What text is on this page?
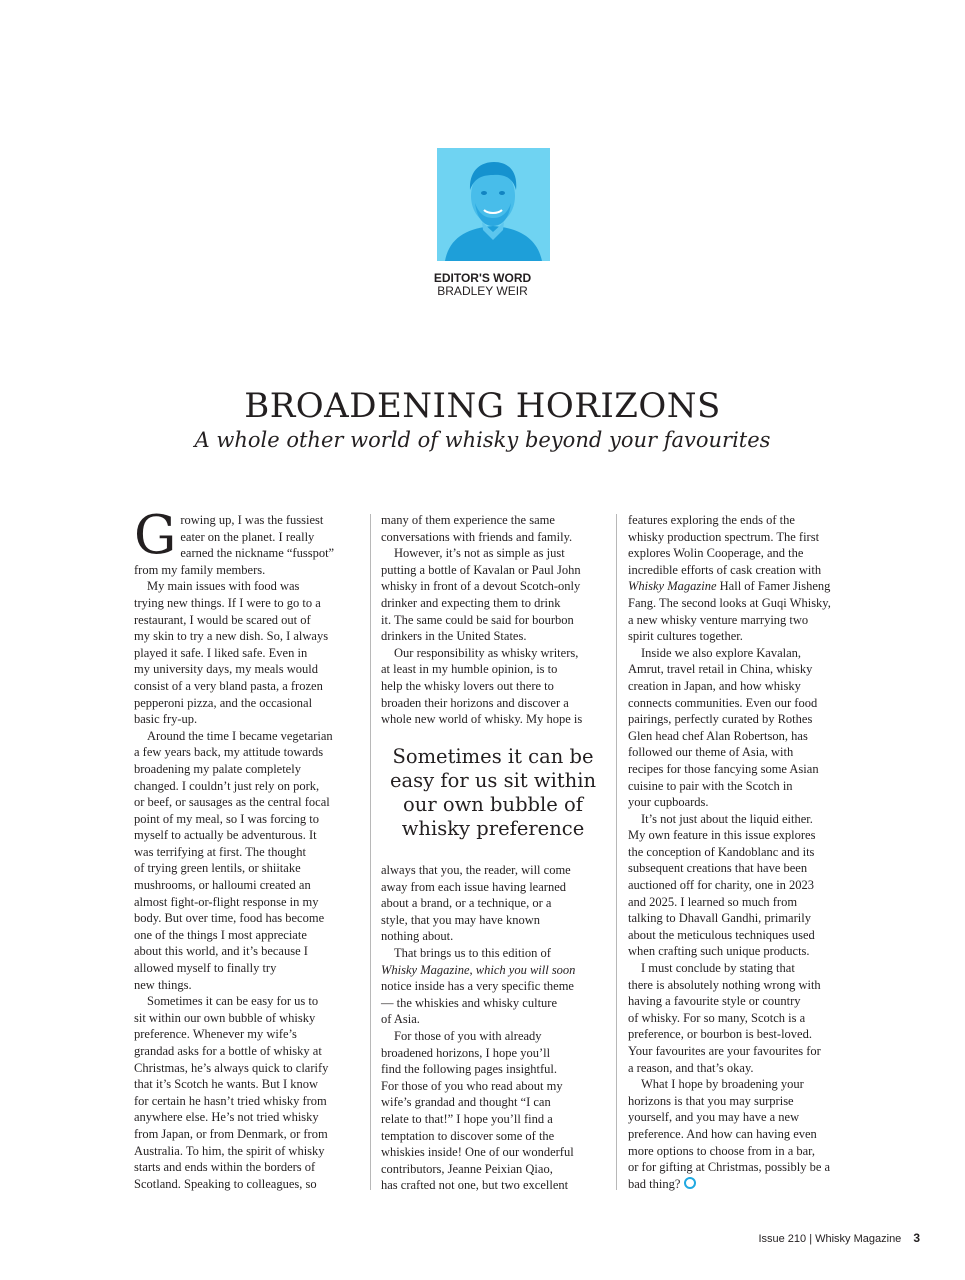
EDITOR'S WORD
BRADLEY WEIR
BROADENING HORIZONS
A whole other world of whisky beyond your favourites
G rowing up, I was the fussiest
eater on the planet. I really
earned the nickname “fusspot”
from my family members.

My main issues with food was
trying new things. If I were to go to a
restaurant, I would be scared out of
my skin to try a new dish. So, I always
played it safe. I liked safe. Even in
my university days, my meals would
consist of a very bland pasta, a frozen
pepperoni pizza, and the occasional
basic fry-up.

Around the time I became vegetarian
a few years back, my attitude towards
broadening my palate completely
changed. I couldn’t just rely on pork,
or beef, or sausages as the central focal
point of my meal, so I was forcing to
myself to actually be adventurous. It
was terrifying at first. The thought
of trying green lentils, or shiitake
mushrooms, or halloumi created an
almost fight-or-flight response in my
body. But over time, food has become
one of the things I most appreciate
about this world, and it’s because I
allowed myself to finally try
new things.

Sometimes it can be easy for us to
sit within our own bubble of whisky
preference. Whenever my wife’s
grandad asks for a bottle of whisky at
Christmas, he’s always quick to clarify
that it’s Scotch he wants. But I know
for certain he hasn’t tried whisky from
anywhere else. He’s not tried whisky
from Japan, or from Denmark, or from
Australia. To him, the spirit of whisky
starts and ends within the borders of
Scotland. Speaking to colleagues, so

many of them experience the same
conversations with friends and family.

However, it’s not as simple as just
putting a bottle of Kavalan or Paul John
whisky in front of a devout Scotch-only
drinker and expecting them to drink
it. The same could be said for bourbon
drinkers in the United States.

Our responsibility as whisky writers,
at least in my humble opinion, is to
help the whisky lovers out there to
broaden their horizons and discover a
whole new world of whisky. My hope is

Sometimes it can be
easy for us sit within
our own bubble of
whisky preference

always that you, the reader, will come
away from each issue having learned
about a brand, or a technique, or a
style, that you may have known
nothing about.

That brings us to this edition of
Whisky Magazine, which you will soon
notice inside has a very specific theme
— the whiskies and whisky culture
of Asia.

For those of you with already
broadened horizons, I hope you’ll
find the following pages insightful.
For those of you who read about my
wife’s grandad and thought “I can
relate to that!” I hope you’ll find a
temptation to discover some of the
whiskies inside! One of our wonderful
contributors, Jeanne Peixian Qiao,
has crafted not one, but two excellent

features exploring the ends of the
whisky production spectrum. The first
explores Wolin Cooperage, and the
incredible efforts of cask creation with
Whisky Magazine Hall of Famer Jisheng
Fang. The second looks at Guqi Whisky,
a new whisky venture marrying two
spirit cultures together.

Inside we also explore Kavalan,
Amrut, travel retail in China, whisky
creation in Japan, and how whisky
connects communities. Even our food
pairings, perfectly curated by Rothes
Glen head chef Alan Robertson, has
followed our theme of Asia, with
recipes for those fancying some Asian
cuisine to pair with the Scotch in
your cupboards.

It’s not just about the liquid either.
My own feature in this issue explores
the conception of Kandoblanc and its
subsequent creations that have been
auctioned off for charity, one in 2023
and 2025. I learned so much from
talking to Dhavall Gandhi, primarily
about the meticulous techniques used
when crafting such unique products.

I must conclude by stating that
there is absolutely nothing wrong with
having a favourite style or country
of whisky. For so many, Scotch is a
preference, or bourbon is best-loved.
Your favourites are your favourites for
a reason, and that’s okay.

What I hope by broadening your
horizons is that you may surprise
yourself, and you may have a new
preference. And how can having even
more options to choose from in a bar,
or for gifting at Christmas, possibly be a
bad thing?

Issue 210 | Whisky Magazine 3
